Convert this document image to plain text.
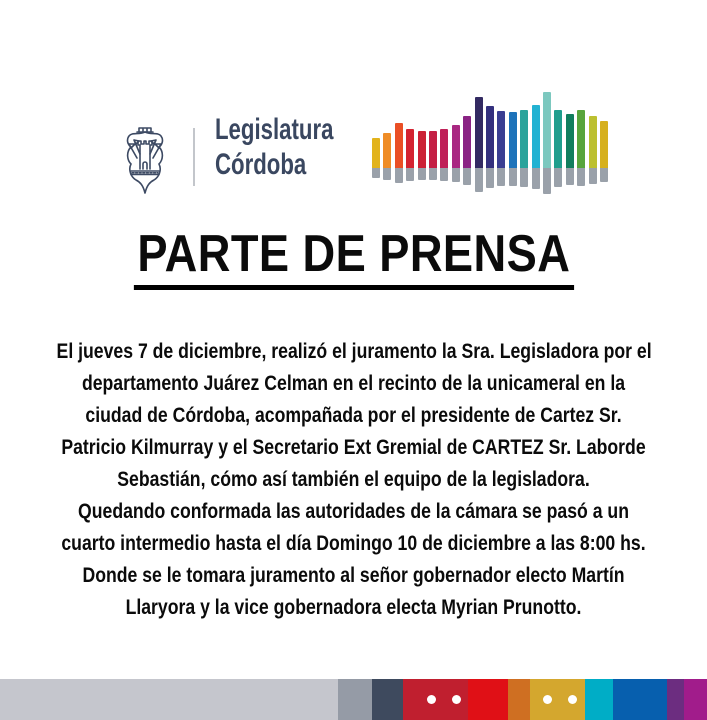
Legislatura
Córdoba
PARTE DE PRENSA
El jueves 7 de diciembre, realizó el juramento la Sra. Legisladora por el
departamento Juárez Celman en el recinto de la unicameral en la
ciudad de Córdoba, acompañada por el presidente de Cartez Sr.
Patricio Kilmurray y el Secretario Ext Gremial de CARTEZ Sr. Laborde
Sebastián, cómo así también el equipo de la legisladora.
Quedando conformada las autoridades de la cámara se pasó a un
cuarto intermedio hasta el día Domingo 10 de diciembre a las 8:00 hs.
Donde se le tomara juramento al señor gobernador electo Martín
Llaryora y la vice gobernadora electa Myrian Prunotto.
